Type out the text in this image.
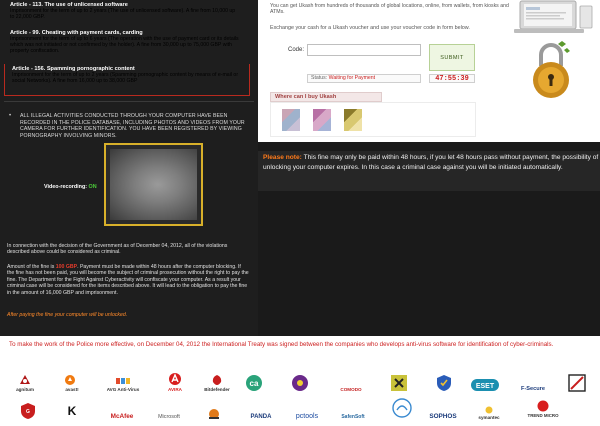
Article - 113. The use of unlicensed software
Imprisonment for the term of up to 2 years (The use of unlicensed software). A fine from 10,000 up to 22,000 GBP.
Article - 99. Cheating with payment cards, carding
Imprisonment for the term of up to 6 years (The operation with the use of payment card or its details which was not initiated or not confirmed by the holder). A fine from 30,000 up to 75,000 GBP with property confiscation.
Article - 156. Spamming pornographic content
Imprisonment for the term of up to 2 years (Spamming pornographic content by means of e-mail or social Networks). A fine from 16,000 up to 38,000 GBP
• ALL ILLEGAL ACTIVITIES CONDUCTED THROUGH YOUR COMPUTER HAVE BEEN RECORDED IN THE POLICE DATABASE, INCLUDING PHOTOS AND VIDEOS FROM YOUR CAMERA FOR FURTHER IDENTIFICATION. YOU HAVE BEEN REGISTERED BY VIEWING PORNOGRAPHY INVOLVING MINORS.
Video-recording: ON
In connection with the decision of the Government as of December 04, 2012, all of the violations described above could be considered as criminal.
Amount of the fine is 100 GBP. Payment must be made within 48 hours after the computer blocking. If the fine has not been paid, you will become the subject of criminal prosecution without the right to pay the fine. The Department for the Fight Against Cyberactivity will confiscate your computer. As a result your criminal case will be considered for the items described above. It will lead to the obligation to pay the fine in the amount of 16,000 GBP and imprisonment.
After paying the fine your computer will be unlocked.
You can get Ukash from hundreds of thousands of global locations, online, from wallets, from kiosks and ATMs.
Exchange your cash for a Ukash voucher and use your voucher code in form below.
Code:
SUBMIT
Status: Waiting for Payment	47:55:39
Where can I buy Ukash
Please note: This fine may only be paid within 48 hours, if you let 48 hours pass without payment, the possibility of unlocking your computer expires. In this case a criminal case against you will be initiated automatically.
To make the work of the Police more effective, on December 04, 2012 the International Treaty was signed between the companies who develops anti-virus software for identification of cyber-criminals.
agnitum	avast!	AVG Anti-Virus	AVIRA	Bitdefender
ca
COMODO	ESET	F-Secure
G	K	McAfee	Microsoft	PANDA	pctools	SafenSoft	SOPHOS	symantec	TREND MICRO
